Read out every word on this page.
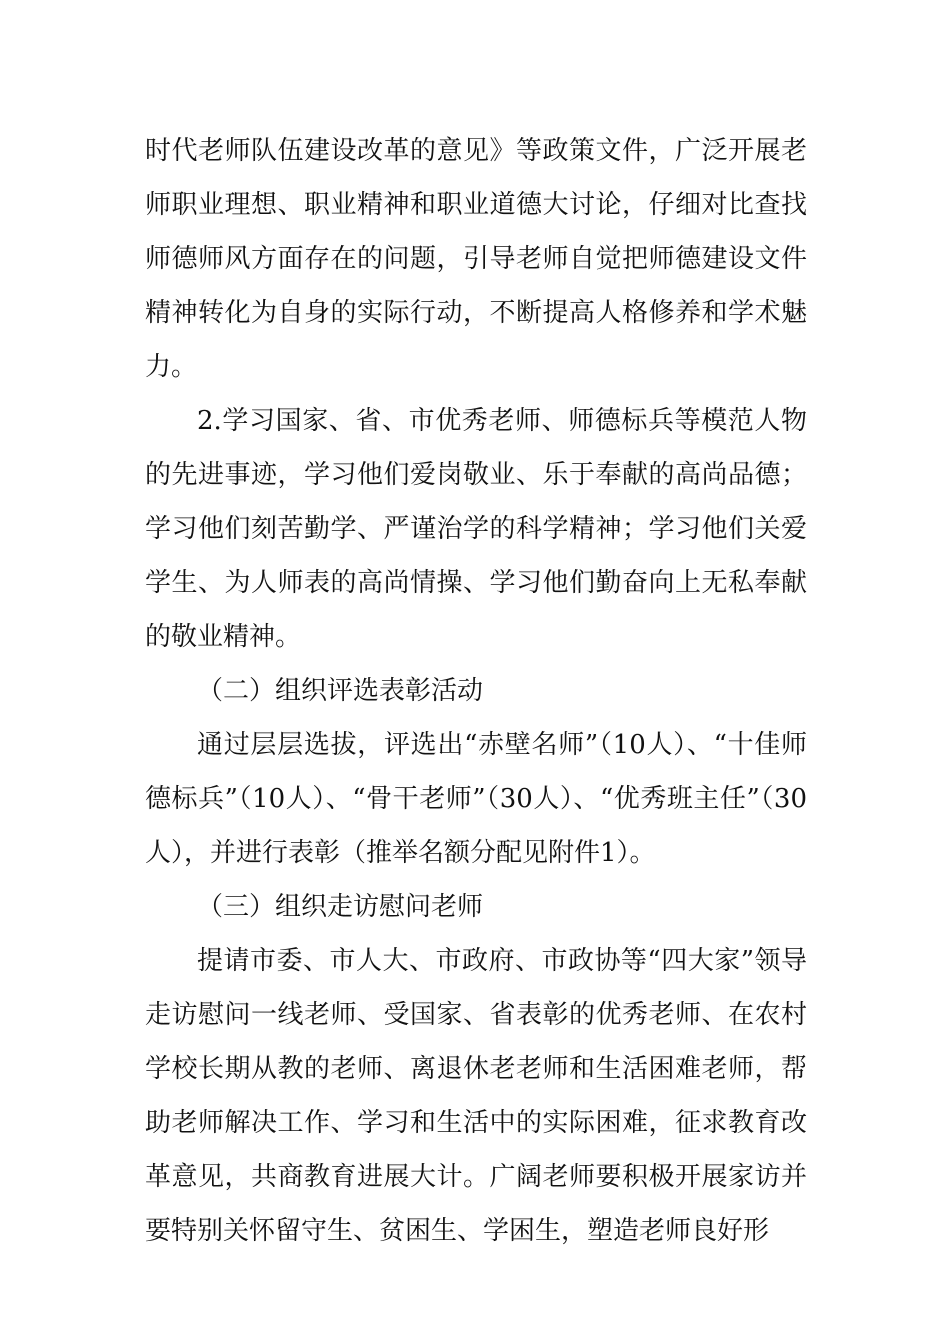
时代老师队伍建设改革的意见》等政策文件，广泛开展老师职业理想、职业精神和职业道德大讨论，仔细对比查找师德师风方面存在的问题，引导老师自觉把师德建设文件精神转化为自身的实际行动，不断提高人格修养和学术魅力。

2.学习国家、省、市优秀老师、师德标兵等模范人物的先进事迹，学习他们爱岗敬业、乐于奉献的高尚品德；学习他们刻苦勤学、严谨治学的科学精神；学习他们关爱学生、为人师表的高尚情操、学习他们勤奋向上无私奉献的敬业精神。

（二）组织评选表彰活动

通过层层选拔，评选出“赤壁名师”（10人）、“十佳师德标兵”（10人）、“骨干老师”（30人）、“优秀班主任”（30人），并进行表彰（推举名额分配见附件1）。

（三）组织走访慰问老师

提请市委、市人大、市政府、市政协等“四大家”领导走访慰问一线老师、受国家、省表彰的优秀老师、在农村学校长期从教的老师、离退休老老师和生活困难老师，帮助老师解决工作、学习和生活中的实际困难，征求教育改革意见，共商教育进展大计。广阔老师要积极开展家访并要特别关怀留守生、贫困生、学困生，塑造老师良好形
